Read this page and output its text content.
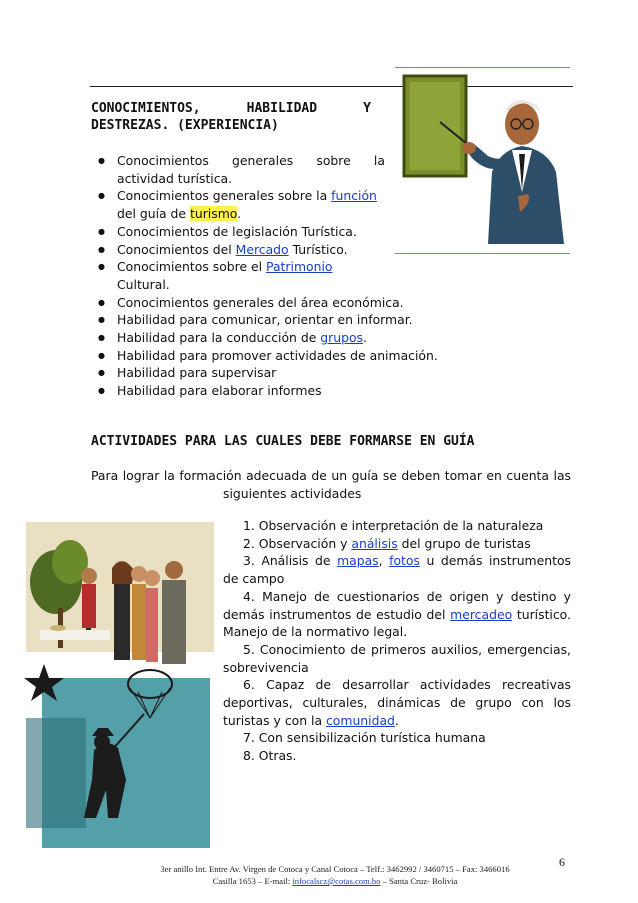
CONOCIMIENTOS,	HABILIDAD	Y
DESTREZAS. (EXPERIENCIA)
● Conocimientos generales sobre la
actividad turística.
● Conocimientos generales sobre la función
del guía de turismo.
● Conocimientos de legislación Turística.
● Conocimientos del Mercado Turístico.
● Conocimientos sobre el Patrimonio Cultural.
● Conocimientos generales del área económica.
● Habilidad para comunicar, orientar en informar.
● Habilidad para la conducción de grupos.
● Habilidad para promover actividades de animación.
● Habilidad para supervisar
● Habilidad para elaborar informes
ACTIVIDADES PARA LAS CUALES DEBE FORMARSE EN GUÍA
Para lograr la formación adecuada de un guía se deben tomar en cuenta las
siguientes actividades
1. Observación e interpretación de la naturaleza
2. Observación y análisis del grupo de turistas
3. Análisis de mapas, fotos u demás instrumentos de campo
4. Manejo de cuestionarios de origen y destino y demás instrumentos de estudio del mercadeo turístico. Manejo de la normativo legal.
5. Conocimiento de primeros auxilios, emergencias, sobrevivencia
6. Capaz de desarrollar actividades recreativas deportivas, culturales, dinámicas de grupo con los turistas y con la comunidad.
7. Con sensibilización turística humana
8. Otras.
3er anillo Int. Entre Av. Virgen de Cotoca y Canal Cotoca – Telf.: 3462992 / 3460715 – Fax: 3466016
Casilla 1653 – E-mail: infocalscz@cotas.com.bo – Santa Cruz- Bolivia
6
